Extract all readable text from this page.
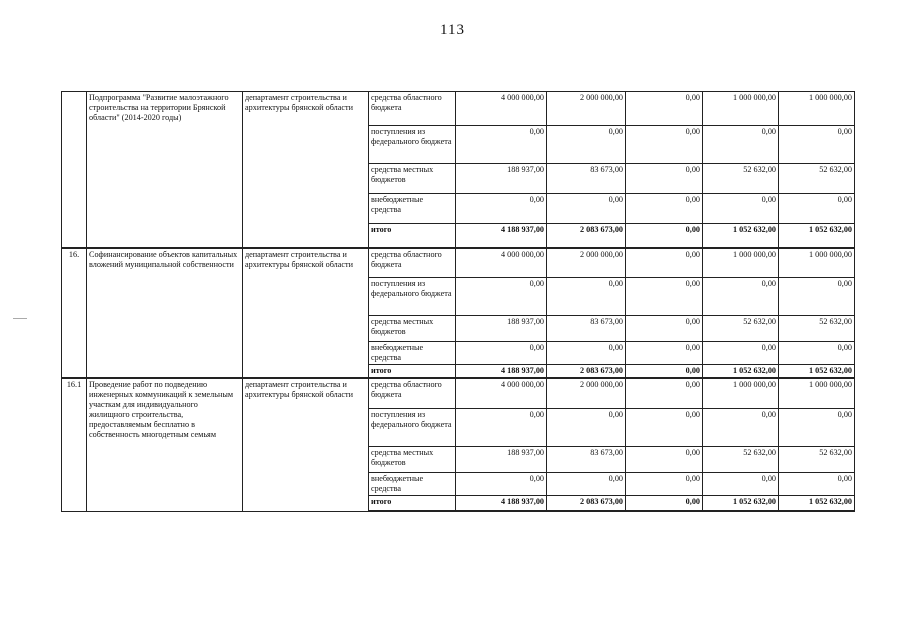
113
	Подпрограмма "Развитие малоэтажного строительства на территории Брянской области" (2014-2020 годы)	департамент строительства и архитектуры брянской области	средства областного бюджета	4 000 000,00	2 000 000,00	0,00	1 000 000,00	1 000 000,00
			поступления из федерального бюджета	0,00	0,00	0,00	0,00	0,00
			средства местных бюджетов	188 937,00	83 673,00	0,00	52 632,00	52 632,00
			внебюджетные средства	0,00	0,00	0,00	0,00	0,00
			итого	4 188 937,00	2 083 673,00	0,00	1 052 632,00	1 052 632,00
16.	Софинансирование объектов капитальных вложений муниципальной собственности	департамент строительства и архитектуры брянской области	средства областного бюджета	4 000 000,00	2 000 000,00	0,00	1 000 000,00	1 000 000,00
			поступления из федерального бюджета	0,00	0,00	0,00	0,00	0,00
			средства местных бюджетов	188 937,00	83 673,00	0,00	52 632,00	52 632,00
			внебюджетные средства	0,00	0,00	0,00	0,00	0,00
			итого	4 188 937,00	2 083 673,00	0,00	1 052 632,00	1 052 632,00
16.1	Проведение работ по подведению инженерных коммуникаций к земельным участкам для индивидуального жилищного строительства, предоставляемым бесплатно в собственность многодетным семьям	департамент строительства и архитектуры брянской области	средства областного бюджета	4 000 000,00	2 000 000,00	0,00	1 000 000,00	1 000 000,00
			поступления из федерального бюджета	0,00	0,00	0,00	0,00	0,00
			средства местных бюджетов	188 937,00	83 673,00	0,00	52 632,00	52 632,00
			внебюджетные средства	0,00	0,00	0,00	0,00	0,00
			итого	4 188 937,00	2 083 673,00	0,00	1 052 632,00	1 052 632,00
